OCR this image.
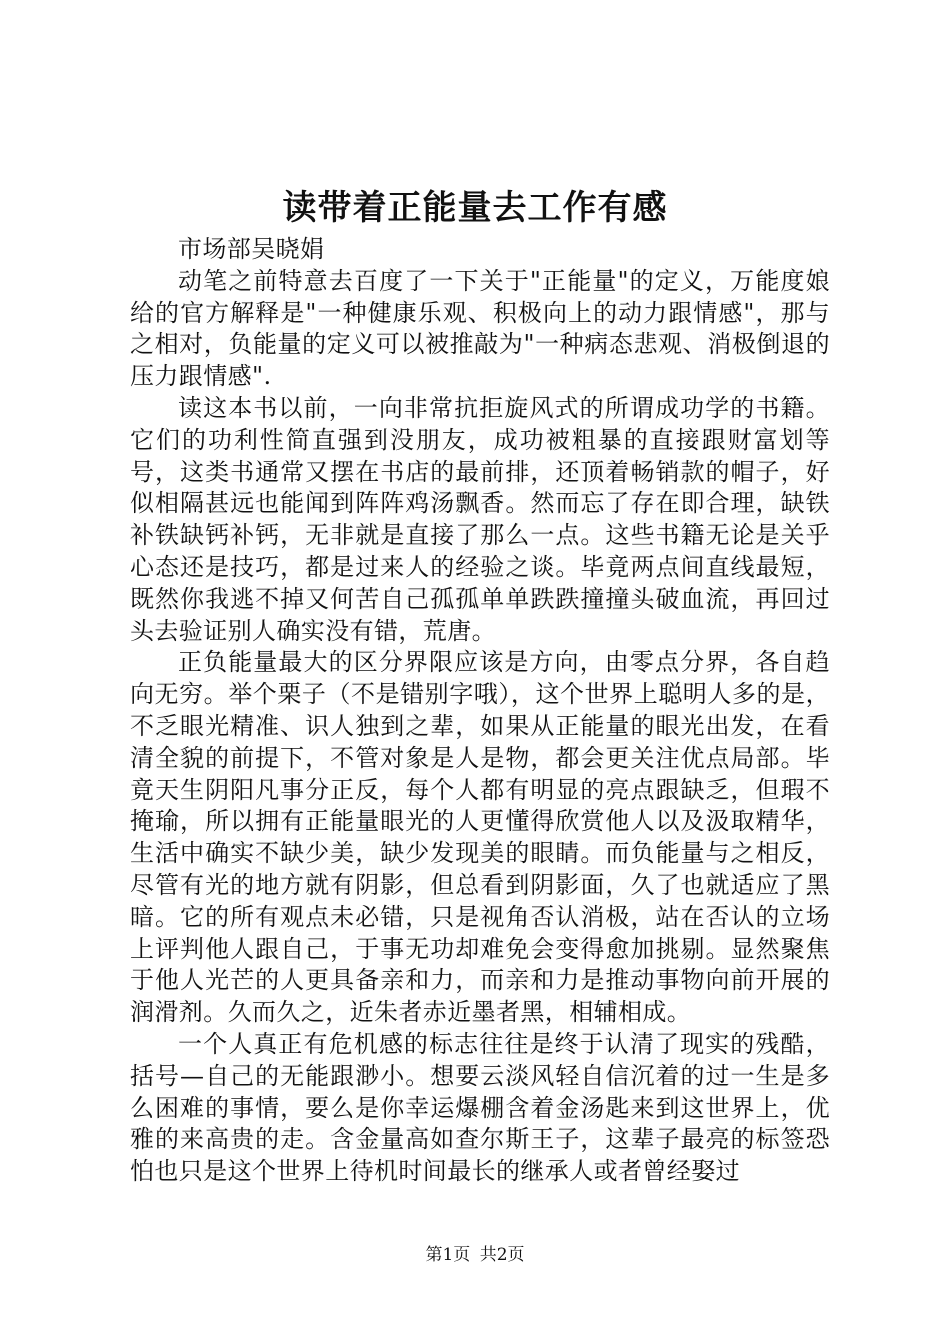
读带着正能量去工作有感

市场部吴晓娟

动笔之前特意去百度了一下关于"正能量"的定义，万能度娘给的官方解释是"一种健康乐观、积极向上的动力跟情感"，那与之相对，负能量的定义可以被推敲为"一种病态悲观、消极倒退的压力跟情感".

读这本书以前，一向非常抗拒旋风式的所谓成功学的书籍。它们的功利性简直强到没朋友，成功被粗暴的直接跟财富划等号，这类书通常又摆在书店的最前排，还顶着畅销款的帽子，好似相隔甚远也能闻到阵阵鸡汤飘香。然而忘了存在即合理，缺铁补铁缺钙补钙，无非就是直接了那么一点。这些书籍无论是关乎心态还是技巧，都是过来人的经验之谈。毕竟两点间直线最短，既然你我逃不掉又何苦自己孤孤单单跌跌撞撞头破血流，再回过头去验证别人确实没有错，荒唐。

正负能量最大的区分界限应该是方向，由零点分界，各自趋向无穷。举个栗子（不是错别字哦），这个世界上聪明人多的是，不乏眼光精准、识人独到之辈，如果从正能量的眼光出发，在看清全貌的前提下，不管对象是人是物，都会更关注优点局部。毕竟天生阴阳凡事分正反，每个人都有明显的亮点跟缺乏，但瑕不掩瑜，所以拥有正能量眼光的人更懂得欣赏他人以及汲取精华，生活中确实不缺少美，缺少发现美的眼睛。而负能量与之相反，尽管有光的地方就有阴影，但总看到阴影面，久了也就适应了黑暗。它的所有观点未必错，只是视角否认消极，站在否认的立场上评判他人跟自己，于事无功却难免会变得愈加挑剔。显然聚焦于他人光芒的人更具备亲和力，而亲和力是推动事物向前开展的润滑剂。久而久之，近朱者赤近墨者黑，相辅相成。

一个人真正有危机感的标志往往是终于认清了现实的残酷，括号—自己的无能跟渺小。想要云淡风轻自信沉着的过一生是多么困难的事情，要么是你幸运爆棚含着金汤匙来到这世界上，优雅的来高贵的走。含金量高如查尔斯王子，这辈子最亮的标签恐怕也只是这个世界上待机时间最长的继承人或者曾经娶过

第1页 共2页
